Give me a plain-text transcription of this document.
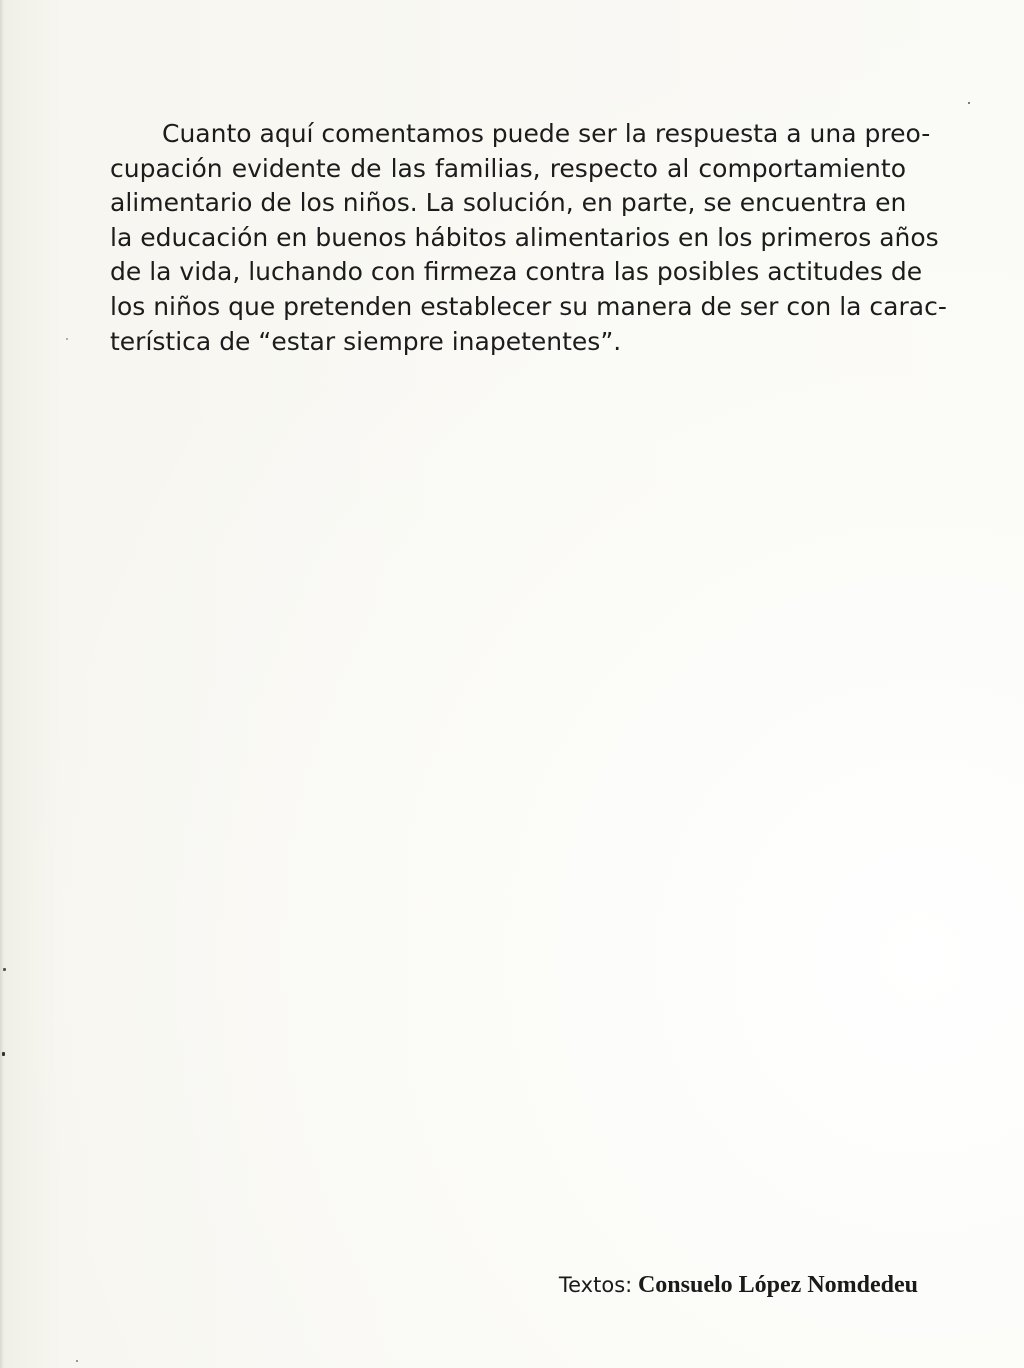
Cuanto aquí comentamos puede ser la respuesta a una preo-
cupación evidente de las familias, respecto al comportamiento
alimentario de los niños. La solución, en parte, se encuentra en
la educación en buenos hábitos alimentarios en los primeros años
de la vida, luchando con firmeza contra las posibles actitudes de
los niños que pretenden establecer su manera de ser con la carac-
terística de “estar siempre inapetentes”.

Textos: Consuelo López Nomdedeu
